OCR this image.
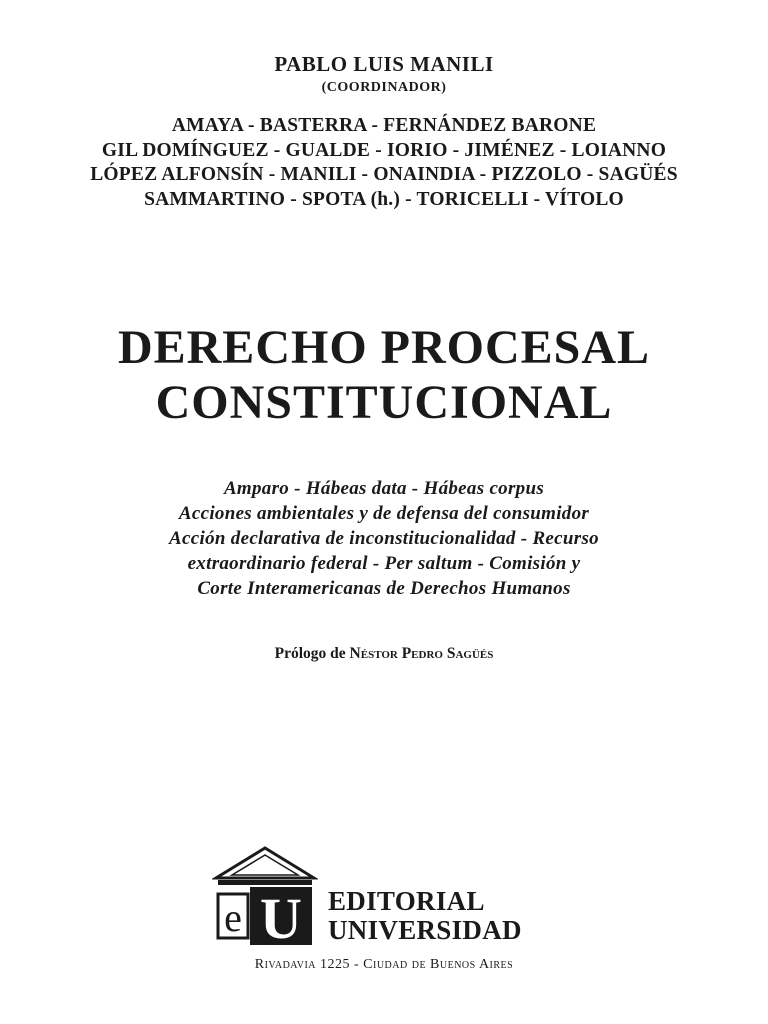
PABLO LUIS MANILI
(COORDINADOR)
AMAYA - BASTERRA - FERNÁNDEZ BARONE
GIL DOMÍNGUEZ - GUALDE - IORIO - JIMÉNEZ - LOIANNO
LÓPEZ ALFONSÍN - MANILI - ONAINDIA - PIZZOLO - SAGÜÉS
SAMMARTINO - SPOTA (h.) - TORICELLI - VÍTOLO
DERECHO PROCESAL
CONSTITUCIONAL
Amparo - Hábeas data - Hábeas corpus
Acciones ambientales y de defensa del consumidor
Acción declarativa de inconstitucionalidad - Recurso
extraordinario federal - Per saltum - Comisión y
Corte Interamericanas de Derechos Humanos
Prólogo de Néstor Pedro Sagüés
e U EDITORIAL
UNIVERSIDAD
Rivadavia 1225 - Ciudad de Buenos Aires
